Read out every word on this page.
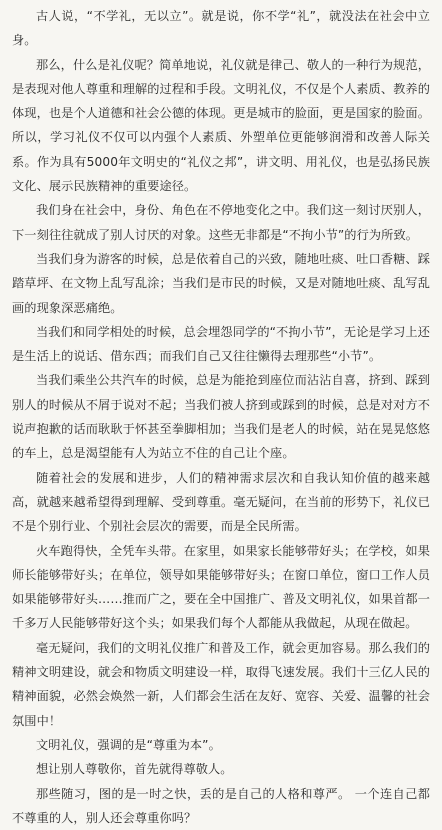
古人说，“不学礼，无以立”。就是说，你不学“礼”，就没法在社会中立身。

那么，什么是礼仪呢？简单地说，礼仪就是律己、敬人的一种行为规范，是表现对他人尊重和理解的过程和手段。文明礼仪，不仅是个人素质、教养的体现，也是个人道德和社会公德的体现。更是城市的脸面，更是国家的脸面。所以，学习礼仪不仅可以内强个人素质、外塑单位更能够润滑和改善人际关系。作为具有5000年文明史的“礼仪之邦”，讲文明、用礼仪，也是弘扬民族文化、展示民族精神的重要途径。

我们身在社会中，身份、角色在不停地变化之中。我们这一刻讨厌别人，下一刻往往就成了别人讨厌的对象。这些无非都是“不拘小节”的行为所致。

当我们身为游客的时候，总是依着自己的兴致，随地吐痰、吐口香糖、踩踏草坪、在文物上乱写乱涂；当我们是市民的时候，又是对随地吐痰、乱写乱画的现象深恶痛绝。

当我们和同学相处的时候，总会埋怨同学的“不拘小节”，无论是学习上还是生活上的说话、借东西；而我们自己又往往懒得去理那些“小节”。

当我们乘坐公共汽车的时候，总是为能抢到座位而沾沾自喜，挤到、踩到别人的时候从不屑于说对不起；当我们被人挤到或踩到的时候，总是对对方不说声抱歉的话而耿耿于怀甚至拳脚相加；当我们是老人的时候，站在晃晃悠悠的车上，总是渴望能有人为站立不住的自己让个座。

随着社会的发展和进步，人们的精神需求层次和自我认知价值的越来越高，就越来越希望得到理解、受到尊重。毫无疑问，在当前的形势下，礼仪已不是个别行业、个别社会层次的需要，而是全民所需。

火车跑得快，全凭车头带。在家里，如果家长能够带好头；在学校，如果师长能够带好头；在单位，领导如果能够带好头；在窗口单位，窗口工作人员如果能够带好头……推而广之，要在全中国推广、普及文明礼仪，如果首都一千多万人民能够带好这个头；如果我们每个人都能从我做起，从现在做起。

毫无疑问，我们的文明礼仪推广和普及工作，就会更加容易。那么我们的精神文明建设，就会和物质文明建设一样，取得飞速发展。我们十三亿人民的精神面貌，必然会焕然一新，人们都会生活在友好、宽容、关爱、温馨的社会氛围中！

文明礼仪，强调的是“尊重为本”。

想让别人尊敬你，首先就得尊敬人。

那些随习，图的是一时之快，丢的是自己的人格和尊严。 一个连自己都不尊重的人，别人还会尊重你吗？
